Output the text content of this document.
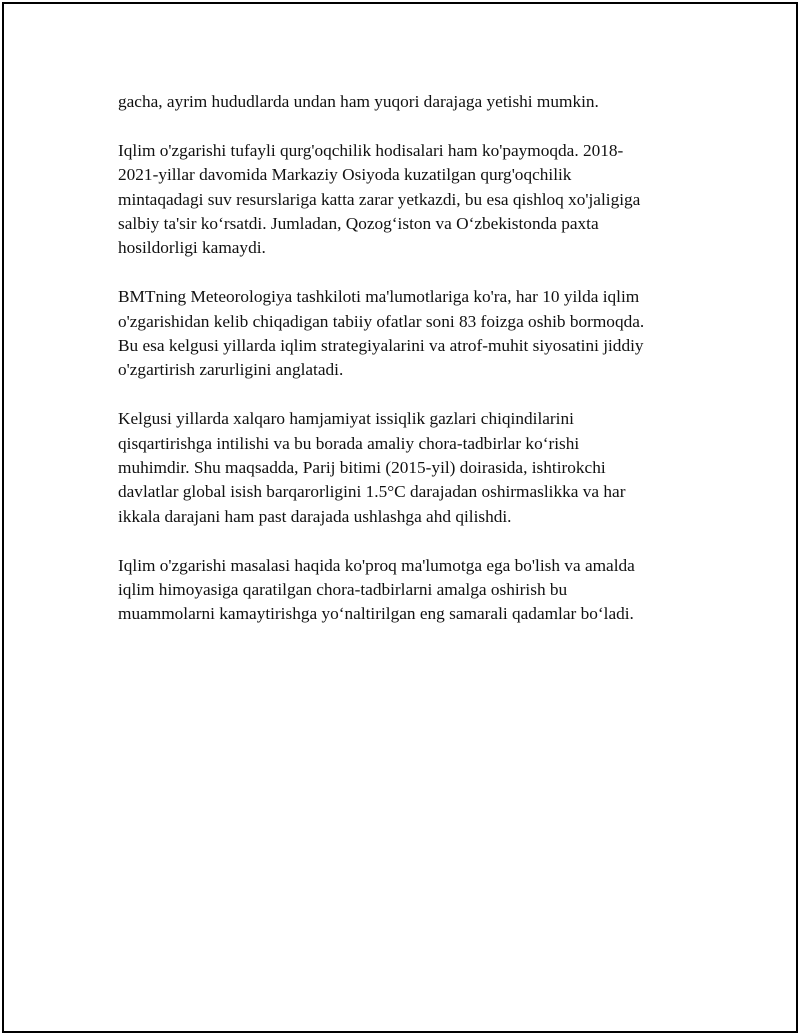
gacha, ayrim hududlarda undan ham yuqori darajaga yetishi mumkin.

Iqlim o'zgarishi tufayli qurg'oqchilik hodisalari ham ko'paymoqda. 2018-
2021-yillar davomida Markaziy Osiyoda kuzatilgan qurg'oqchilik
mintaqadagi suv resurslariga katta zarar yetkazdi, bu esa qishloq xo'jaligiga
salbiy ta'sir ko‘rsatdi. Jumladan, Qozog‘iston va O‘zbekistonda paxta
hosildorligi kamaydi.

BMTning Meteorologiya tashkiloti ma'lumotlariga ko'ra, har 10 yilda iqlim
o'zgarishidan kelib chiqadigan tabiiy ofatlar soni 83 foizga oshib bormoqda.
Bu esa kelgusi yillarda iqlim strategiyalarini va atrof-muhit siyosatini jiddiy
o'zgartirish zarurligini anglatadi.

Kelgusi yillarda xalqaro hamjamiyat issiqlik gazlari chiqindilarini
qisqartirishga intilishi va bu borada amaliy chora-tadbirlar ko‘rishi
muhimdir. Shu maqsadda, Parij bitimi (2015-yil) doirasida, ishtirokchi
davlatlar global isish barqarorligini 1.5°C darajadan oshirmaslikka va har
ikkala darajani ham past darajada ushlashga ahd qilishdi.

Iqlim o'zgarishi masalasi haqida ko'proq ma'lumotga ega bo'lish va amalda
iqlim himoyasiga qaratilgan chora-tadbirlarni amalga oshirish bu
muammolarni kamaytirishga yo‘naltirilgan eng samarali qadamlar bo‘ladi.
